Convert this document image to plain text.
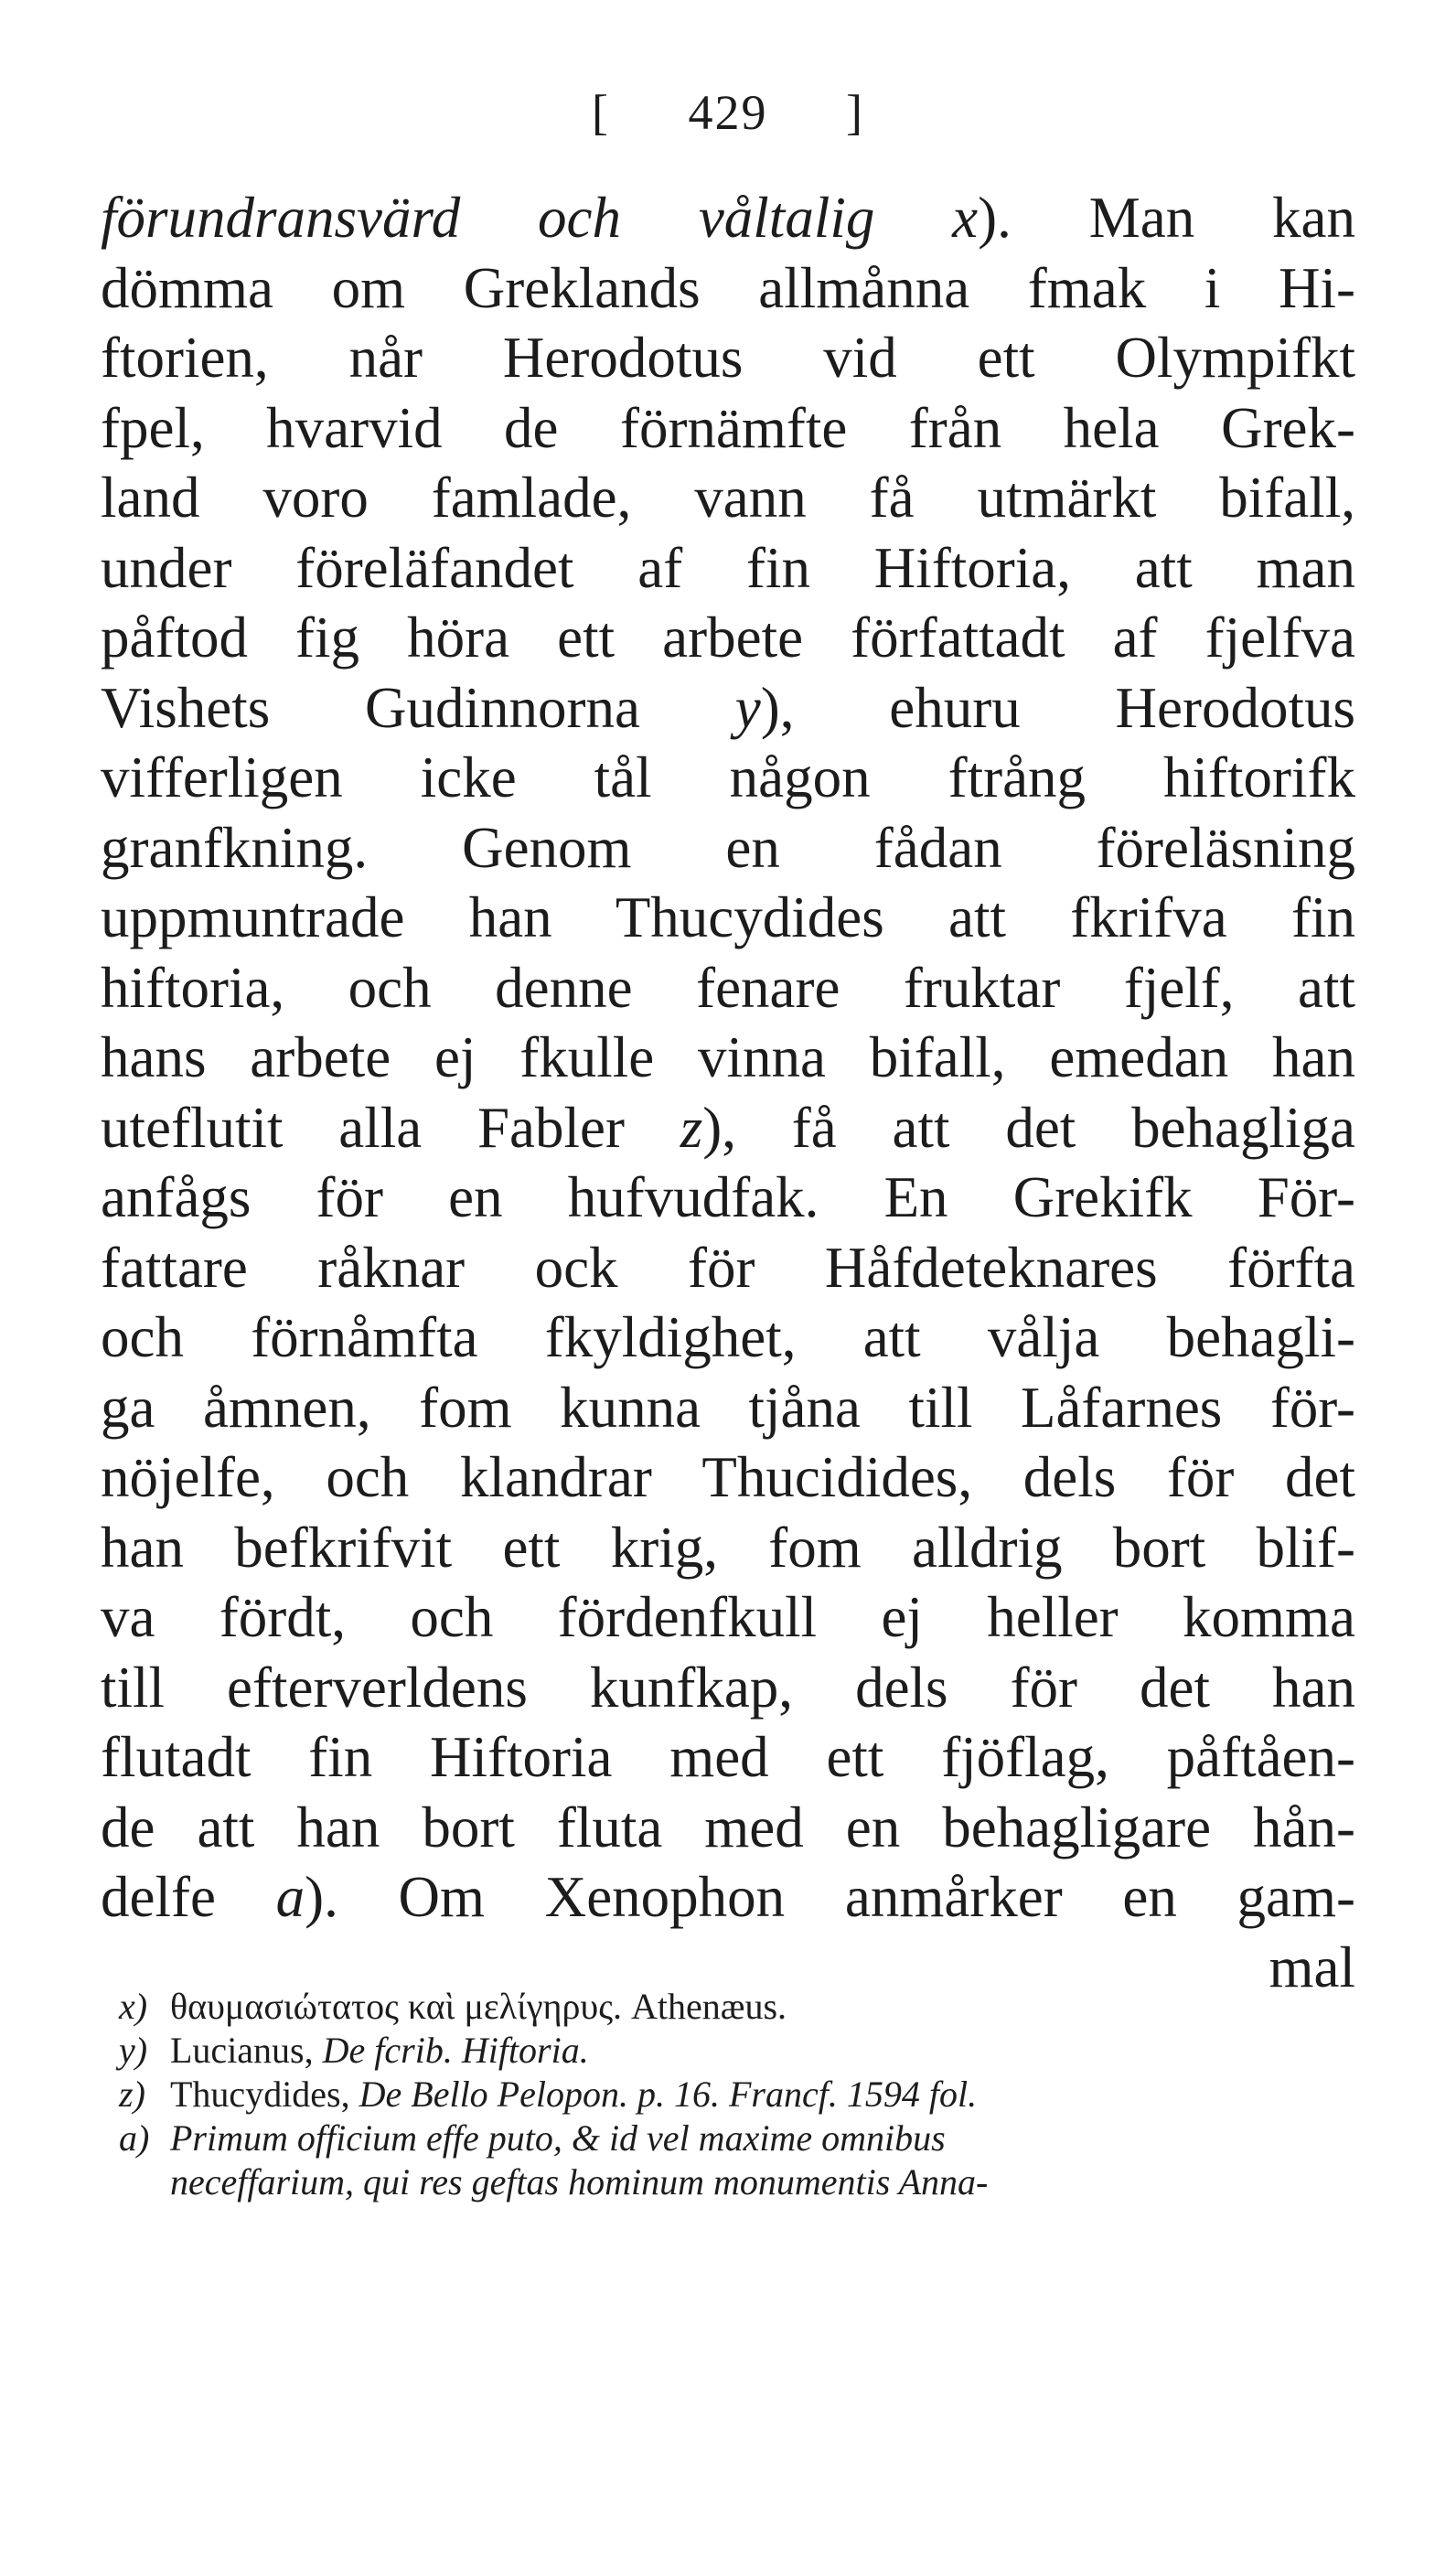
[ 429 ]
förundransvärd och våltalig x). Man kan
dömma om Greklands allmånna fmak i Hi-
ftorien, når Herodotus vid ett Olympifkt
fpel, hvarvid de förnämfte från hela Grek-
land voro famlade, vann få utmärkt bifall,
under föreläfandet af fin Hiftoria, att man
påftod fig höra ett arbete författadt af fjelfva
Vishets Gudinnorna y), ehuru Herodotus
vifferligen icke tål någon ftrång hiftorifk
granfkning. Genom en fådan föreläsning
uppmuntrade han Thucydides att fkrifva fin
hiftoria, och denne fenare fruktar fjelf, att
hans arbete ej fkulle vinna bifall, emedan han
uteflutit alla Fabler z), få att det behagliga
anfågs för en hufvudfak. En Grekifk För-
fattare råknar ock för Håfdeteknares förfta
och förnåmfta fkyldighet, att vålja behagli-
ga åmnen, fom kunna tjåna till Låfarnes för-
nöjelfe, och klandrar Thucidides, dels för det
han befkrifvit ett krig, fom alldrig bort blif-
va fördt, och fördenfkull ej heller komma
till efterverldens kunfkap, dels för det han
flutadt fin Hiftoria med ett fjöflag, påftåen-
de att han bort fluta med en behagligare hån-
delfe a). Om Xenophon anmårker en gam-
mal
x) θαυμασιώτατος καὶ μελίγηρυς. Athenæus.
y) Lucianus, De fcrib. Hiftoria.
z) Thucydides, De Bello Pelopon. p. 16. Francf. 1594 fol.
a) Primum officium effe puto, & id vel maxime omnibus
neceffarium, qui res geftas hominum monumentis Anna-
